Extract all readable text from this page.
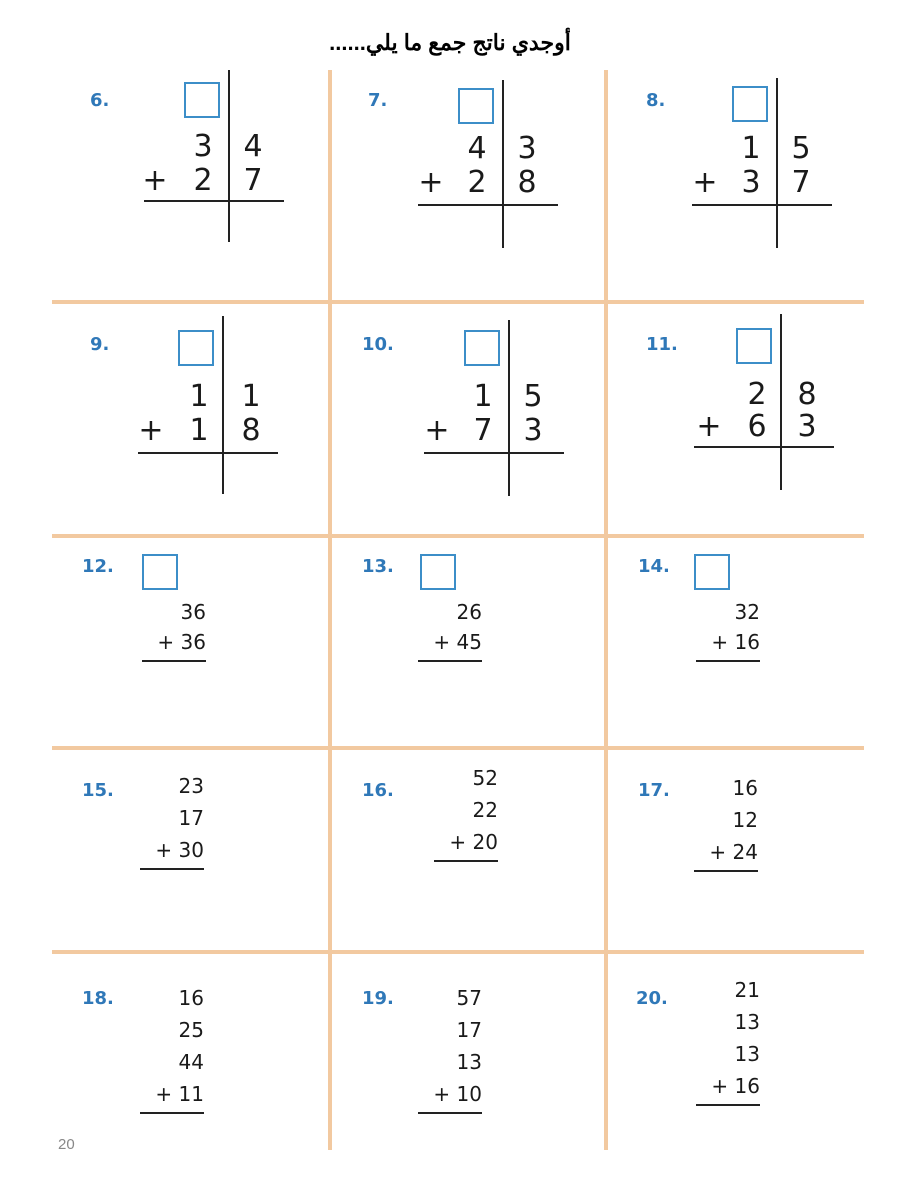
أوجدي ناتج جمع ما يلي......
6.
3 4
+ 2 7
7.
4 3
+ 2 8
8.
1 5
+ 3 7
9.
1 1
+ 1 8
10.
1 5
+ 7 3
11.
2 8
+ 6 3
12.
36
+ 36
13.
26
+ 45
14.
32
+ 16
15.	23
17
+ 30
16.
52
22
+ 20
17.	16
12
+ 24
18.	16
25
44
+ 11
19.	57
17
13
+ 10
20.	21
13
13
+ 16
20
